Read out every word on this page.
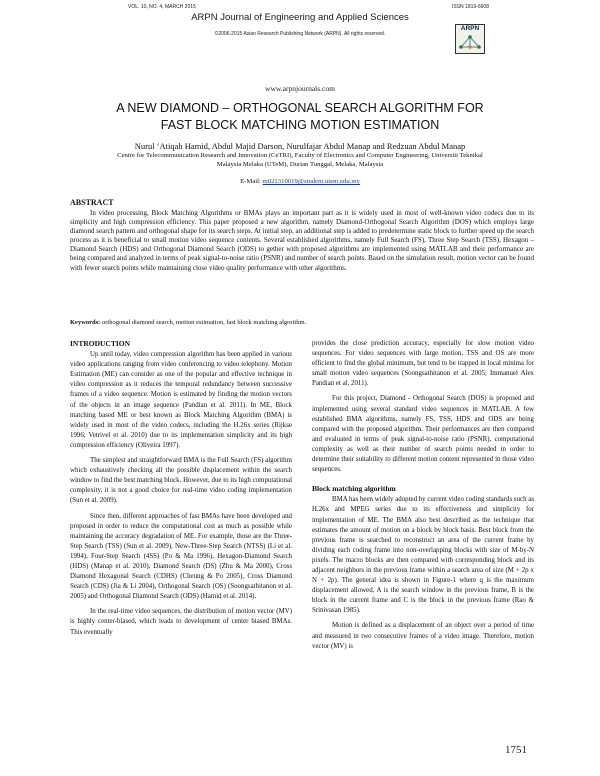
VOL. 10, NO. 4, MARCH 2015	ISSN 1819-6608
ARPN Journal of Engineering and Applied Sciences
©2006-2015 Asian Research Publishing Network (ARPN). All rights reserved.
ARPN
www.arpnjournals.com
A NEW DIAMOND – ORTHOGONAL SEARCH ALGORITHM FOR
FAST BLOCK MATCHING MOTION ESTIMATION
Nurul ‘Atiqah Hamid, Abdul Majid Darson, Nurulfajar Abdul Manap and Redzuan Abdul Manap
Centre for Telecommunication Research and Innovation (CeTRI), Faculty of Electronics and Computer Engineering, Universiti Teknikal
Malaysia Melaka (UTeM), Durian Tunggal, Melaka, Malaysia
E-Mail: m021310019@student.utem.edu.my
ABSTRACT

In video processing, Block Matching Algorithms or BMAs plays an important part as it is widely used in most of well-known video codecs due to its simplicity and high compression efficiency. This paper proposed a new algorithm, namely Diamond-Orthogonal Search Algorithm (DOS) which employs large diamond search pattern and orthogonal shape for its search steps. At initial step, an additional step is added to predetermine static block to further speed up the search process as it is beneficial to small motion video sequence contents. Several established algorithms, namely Full Search (FS), Three Step Search (TSS), Hexagon – Diamond Search (HDS) and Orthogonal Diamond Search (ODS) to gether with proposed algorithms are implemented using MATLAB and their performance are being compared and analyzed in terms of peak signal-to-noise ratio (PSNR) and number of search points. Based on the simulation result, motion vector can be found with fewer search points while maintaining close video quality performance with other algorithms.

Keywords: orthogonal diamond search, motion estimation, fast block matching algorithm.
INTRODUCTION

Up until today, video compression algorithm has been applied in various video applications ranging from video conferencing to video telephony. Motion Estimation (ME) can consider as one of the popular and effective technique in video compression as it reduces the temporal redundancy between successive frames of a video sequence. Motion is estimated by finding the motion vectors of the objects in an image sequence (Pandian et al. 2011). In ME, Block matching based ME or best known as Block Matching Algorithm (BMA) is widely used in most of the video codecs, including the H.26x series (Rijkse 1996; Vetrivel et al. 2010) due to its implementation simplicity and its high compression efficiency (Oliveira 1997).

The simplest and straightforward BMA is the Full Search (FS) algorithm which exhaustively checking all the possible displacement within the search window to find the best matching block. However, due to its high computational complexity, it is not a good choice for real-time video coding implementation (Sun et al. 2009).

Since then, different approaches of fast BMAs have been developed and proposed in order to reduce the computational cost as much as possible while maintaining the accuracy degradation of ME. For example, those are the Three-Step Search (TSS) (Sun et al. 2009), New-Three-Step Search (NTSS) (Li et al. 1994), Four-Step Search (4SS) (Po & Ma 1996), Hexagon-Diamond Search (HDS) (Manap et al. 2010), Diamond Search (DS) (Zhu & Ma 2000), Cross Diamond Hexagonal Search (CDHS) (Cheung & Po 2005), Cross Diamond Search (CDS) (Jia & Li 2004), Orthogonal Search (OS) (Soongsathitanon et al. 2005) and Orthogonal Diamond Search (ODS) (Hamid et al. 2014).

In the real-time video sequences, the distribution of motion vector (MV) is highly center-biased, which leads to development of center biased BMAs. This eventually

provides the close prediction accuracy, especially for slow motion video sequences. For video sequences with large motion, TSS and OS are more efficient to find the global minimum, but tend to be trapped in local minima for small motion video sequences (Soongsathitanon et al. 2005; Immanuel Alex Pandian et al. 2011).

For this project, Diamond - Orthogonal Search (DOS) is proposed and implemented using several standard video sequences in MATLAB. A few established BMA algorithms, namely FS, TSS, HDS and ODS are being compared with the proposed algorithm. Their performances are then compared and evaluated in terms of peak signal-to-noise ratio (PSNR), computational complexity as well as their number of search points needed in order to determine their suitability to different motion content represented in those video sequences.

Block matching algorithm

BMA has been widely adopted by current video coding standards such as H.26x and MPEG series due to its effectiveness and simplicity for implementation of ME. The BMA also best described as the technique that estimates the amount of motion on a block by block basis. Best block from the previous frame is searched to reconstruct an area of the current frame by dividing each coding frame into non-overlapping blocks with size of M-by-N pixels. The macro blocks are then compared with corresponding block and its adjacent neighbors in the previous frame within a search area of size (M + 2p x N + 2p). The general idea is shown in Figure-1 where q is the maximum displacement allowed, A is the search window in the previous frame, B is the block in the current frame and C is the block in the previous frame (Rao & Srinivasan 1985).

Motion is defined as a displacement of an object over a period of time and measured in two consecutive frames of a video image. Therefore, motion vector (MV) is

1751
